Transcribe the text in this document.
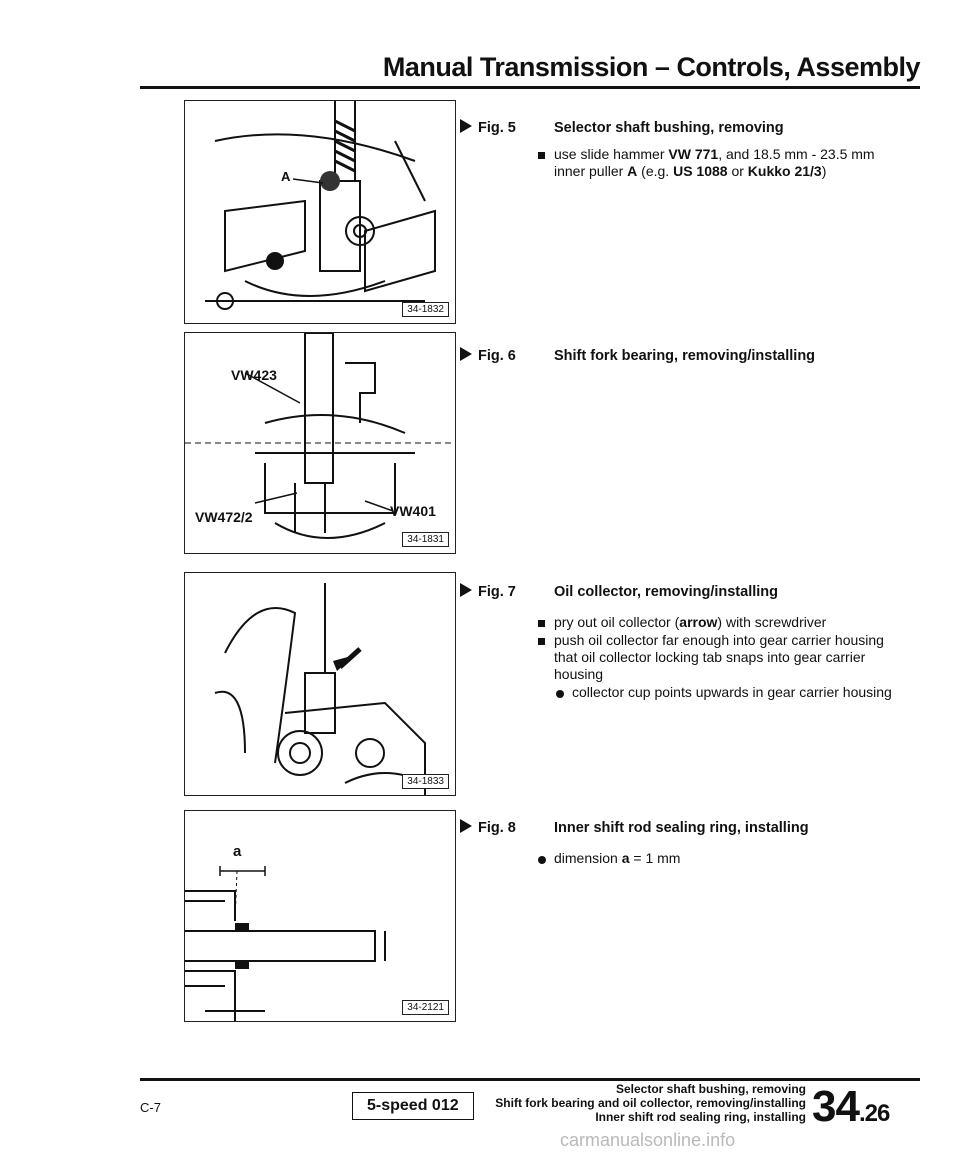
Manual Transmission – Controls, Assembly
A
34-1832
VW423
VW472/2	VW401
34-1831
34-1833
a
34-2121
Fig. 5	Selector shaft bushing, removing
use slide hammer VW 771, and 18.5 mm - 23.5 mm inner puller A (e.g. US 1088 or Kukko 21/3)
Fig. 6	Shift fork bearing, removing/installing
Fig. 7	Oil collector, removing/installing
pry out oil collector (arrow) with screwdriver
push oil collector far enough into gear carrier housing that oil collector locking tab snaps into gear carrier housing
collector cup points upwards in gear carrier housing
Fig. 8	Inner shift rod sealing ring, installing
dimension a = 1 mm
C-7	5-speed 012
Selector shaft bushing, removing
Shift fork bearing and oil collector, removing/installing
Inner shift rod sealing ring, installing 34.26
carmanualsonline.info
